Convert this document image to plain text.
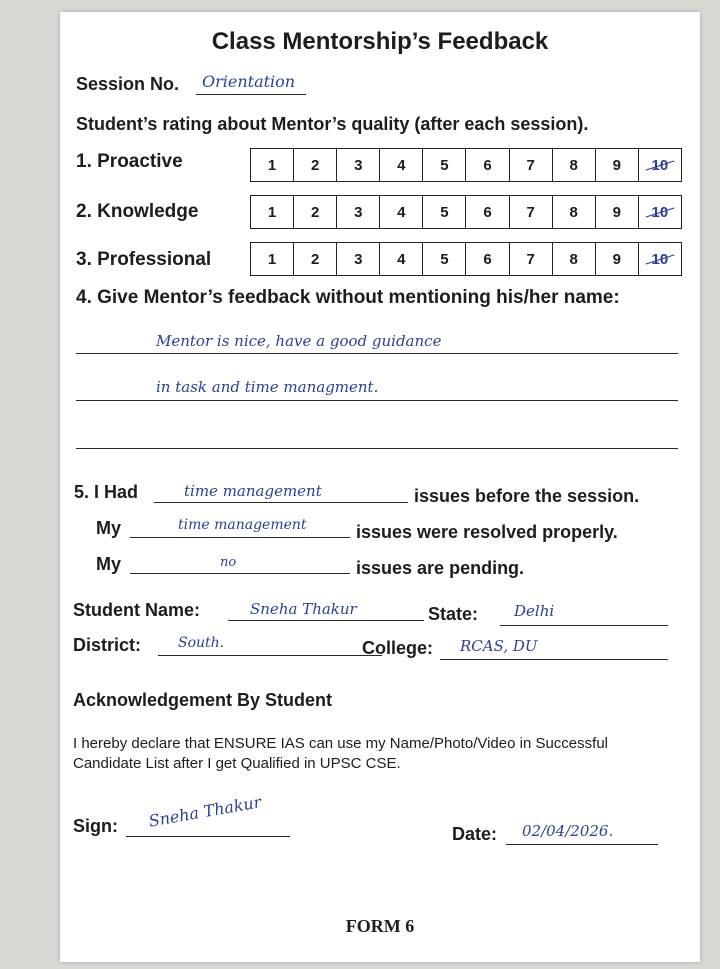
Class Mentorship’s Feedback
Session No. Orientation
Student’s rating about Mentor’s quality (after each session).
1. Proactive	1	2	3	4	5	6	7	8	9	10
2. Knowledge	1	2	3	4	5	6	7	8	9	10
3. Professional	1	2	3	4	5	6	7	8	9	10
4. Give Mentor’s feedback without mentioning his/her name:
Mentor is nice, have a good guidance
in task and time managment.
5. I Had	time management	issues before the session.
My	time management	issues were resolved properly.
My	no	issues are pending.
Student Name:	Sneha Thakur	State: Delhi
District:	South.	College: RCAS, DU
Acknowledgement By Student
I hereby declare that ENSURE IAS can use my Name/Photo/Video in Successful Candidate List after I get Qualified in UPSC CSE.
Sign: Sneha Thakur
Date: 02/04/2026.
FORM 6
